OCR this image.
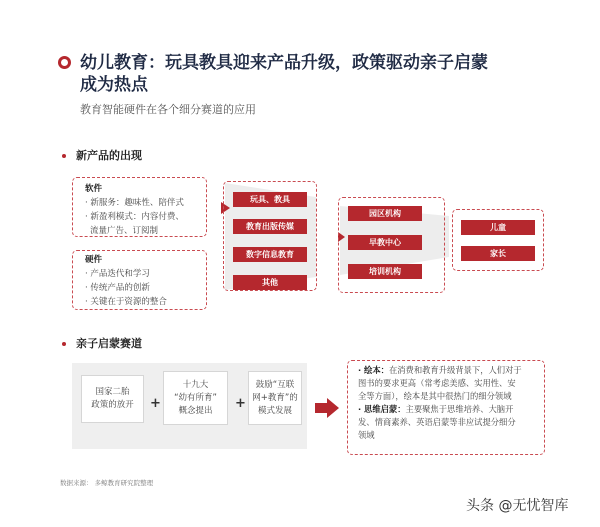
幼儿教育：玩具教具迎来产品升级，政策驱动亲子启蒙
成为热点
教育智能硬件在各个细分赛道的应用
新产品的出现
软件
· 新服务：趣味性、陪伴式
· 新盈利模式：内容付费、
流量广告、订阅制
硬件
· 产品迭代和学习
· 传统产品的创新
· 关键在于资源的整合
玩具、教具
教育出版传媒
数字信息教育
其他
园区机构
早教中心
培训机构
儿童
家长
亲子启蒙赛道
国家二胎
政策的放开	+
十九大
“幼有所育”
概念提出	+
鼓励“互联
网+教育”的
模式发展
· 绘本：在消费和教育升级背景下，人们对于
图书的要求更高（常考虑美感、实用性、安
全等方面），绘本是其中很热门的细分领域
· 思维启蒙：主要聚焦于思维培养、大脑开
发、情商素养、英语启蒙等非应试提分细分
领域
数据来源： 多鲸教育研究院整理
头条 @无忧智库
